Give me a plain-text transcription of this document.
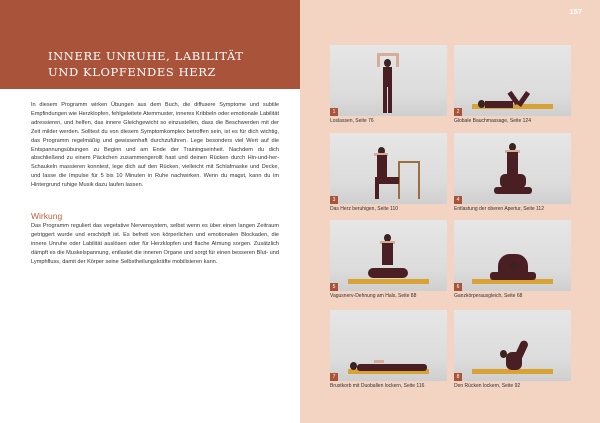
INNERE UNRUHE, LABILITÄT
UND KLOPFENDES HERZ
In diesem Programm wirken Übungen aus dem Buch, die diffusere Symptome und subtile Empfindungen wie Herzklopfen, fehlgeleitete Atemmuster, inneres Kribbeln oder emotionale Labilität adressieren, und helfen, das innere Gleichgewicht so einzustellen, dass die Beschwerden mit der Zeit milder werden. Solltest du von diesem Symptomkomplex betroffen sein, ist es für dich wichtig, das Programm regelmäßig und gewissenhaft durchzuführen. Lege besonders viel Wert auf die Entspannungsübungen zu Beginn und am Ende der Trainingseinheit. Nachdem du dich abschließend zu einem Päckchen zusammengerollt hast und deinen Rücken durch Hin-und-her-Schaukeln massieren konntest, lege dich auf den Rücken, vielleicht mit Schlafmaske und Decke, und lasse die Impulse für 5 bis 10 Minuten in Ruhe nachwirken. Wenn du magst, kann du im Hintergrund ruhige Musik dazu laufen lassen.
Wirkung
Das Programm reguliert das vegetative Nervensystem, selbst wenn es über einen langen Zeitraum getriggert wurde und erschöpft ist. Es befreit von körperlichen und emotionalen Blockaden, die innere Unruhe oder Labilität auslösen oder für Herzklopfen und flache Atmung sorgen. Zusätzlich dämpft es die Muskelspannung, entlastet die inneren Organe und sorgt für einen besseren Blut- und Lymphfluss, damit der Körper seine Selbstheilungskräfte mobilisieren kann.
157
1
Loslassen, Seite 76
2
Globale Bauchmassage, Seite 124
3
Das Herz beruhigen, Seite 110
4
Entlastung der oberen Apertur, Seite 112
5
Vagusnerv-Dehnung am Hals, Seite 88
6
Ganzkörperausgleich, Seite 68
7
Brustkorb mit Duoballen lockern, Seite 116
8
Den Rücken lockern, Seite 92
